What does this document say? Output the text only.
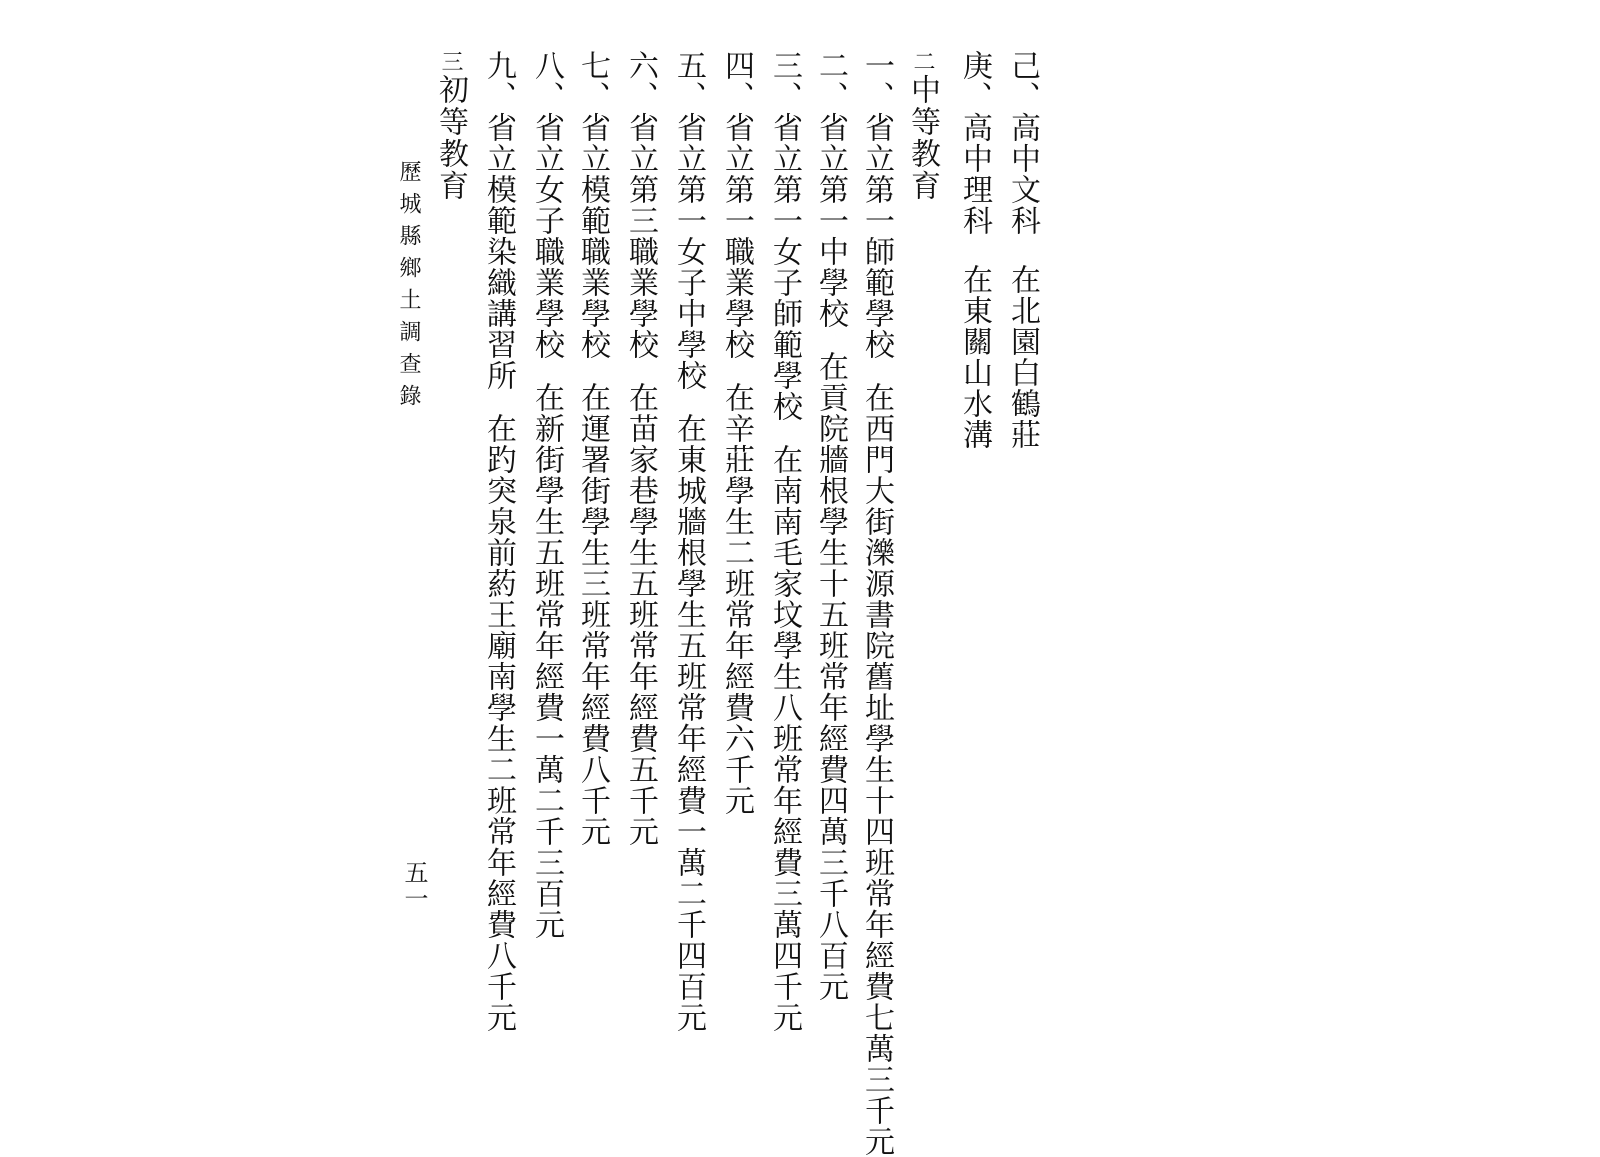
己、高中文科在北園白鶴莊
庚、高中理科在東關山水溝
二中等教育
一、省立第一師範學校在西門大街濼源書院舊址學生十四班常年經費七萬三千元
二、省立第一中學校在貢院牆根學生十五班常年經費四萬三千八百元
三、省立第一女子師範學校在南南毛家坟學生八班常年經費三萬四千元
四、省立第一職業學校在辛莊學生二班常年經費六千元
五、省立第一女子中學校在東城牆根學生五班常年經費一萬二千四百元
六、省立第三職業學校在苗家巷學生五班常年經費五千元
七、省立模範職業學校在運署街學生三班常年經費八千元
八、省立女子職業學校在新街學生五班常年經費一萬二千三百元
九、省立模範染織講習所在趵突泉前葯王廟南學生二班常年經費八千元
三初等教育
歷城縣鄉土調查錄
五一
